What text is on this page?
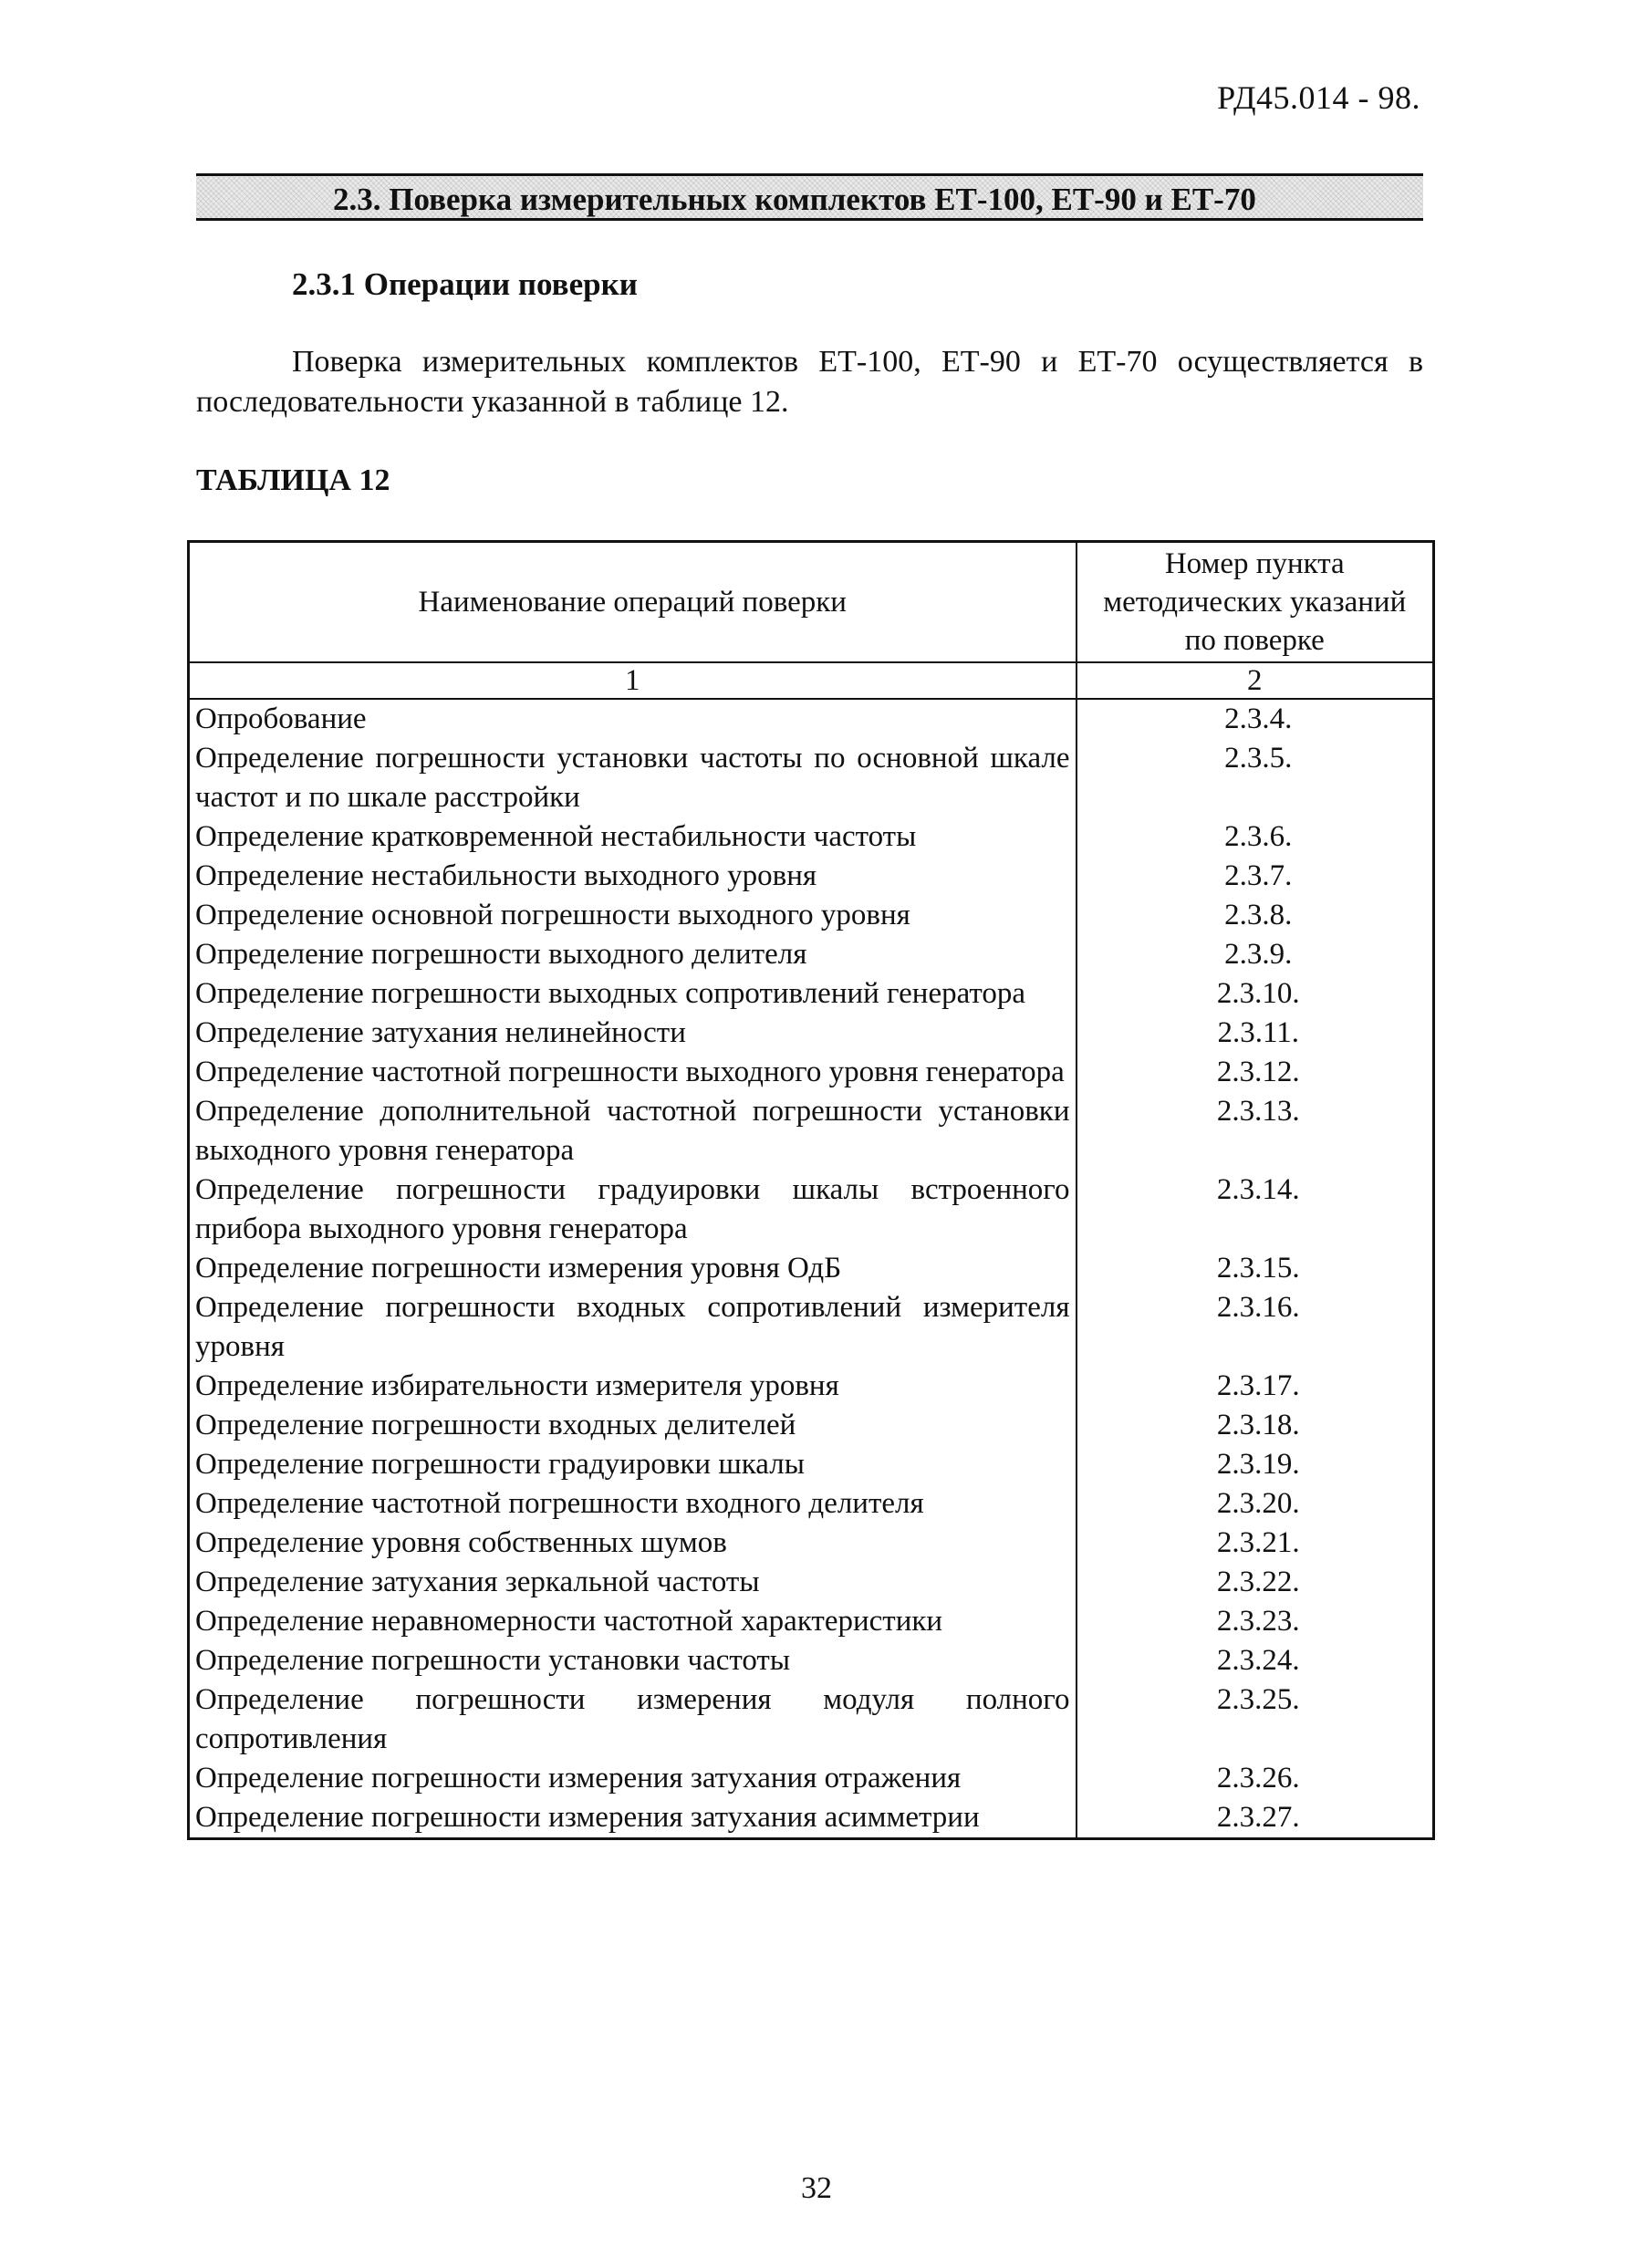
РД45.014 - 98.
2.3. Поверка измерительных комплектов ЕТ-100, ЕТ-90 и ЕТ-70
2.3.1 Операции поверки
Поверка измерительных комплектов ЕТ-100, ЕТ-90 и ЕТ-70 осуществляется в последовательности указанной в таблице 12.
ТАБЛИЦА 12
Наименование операций поверки	Номер пункта методических указаний по поверке
1	2
Опробование	2.3.4.
Определение погрешности установки частоты по основной шкале частот и по шкале расстройки	2.3.5.
Определение кратковременной нестабильности частоты	2.3.6.
Определение нестабильности выходного уровня	2.3.7.
Определение основной погрешности выходного уровня	2.3.8.
Определение погрешности выходного делителя	2.3.9.
Определение погрешности выходных сопротивлений генератора	2.3.10.
Определение затухания нелинейности	2.3.11.
Определение частотной погрешности выходного уровня генератора	2.3.12.
Определение дополнительной частотной погрешности установки выходного уровня генератора	2.3.13.
Определение погрешности градуировки шкалы встроенного прибора выходного уровня генератора	2.3.14.
Определение погрешности измерения уровня ОдБ	2.3.15.
Определение погрешности входных сопротивлений измерителя уровня	2.3.16.
Определение избирательности измерителя уровня	2.3.17.
Определение погрешности входных делителей	2.3.18.
Определение погрешности градуировки шкалы	2.3.19.
Определение частотной погрешности входного делителя	2.3.20.
Определение уровня собственных шумов	2.3.21.
Определение затухания зеркальной частоты	2.3.22.
Определение неравномерности частотной характеристики	2.3.23.
Определение погрешности установки частоты	2.3.24.
Определение погрешности измерения модуля полного сопротивления	2.3.25.
Определение погрешности измерения затухания отражения	2.3.26.
Определение погрешности измерения затухания асимметрии	2.3.27.
32
